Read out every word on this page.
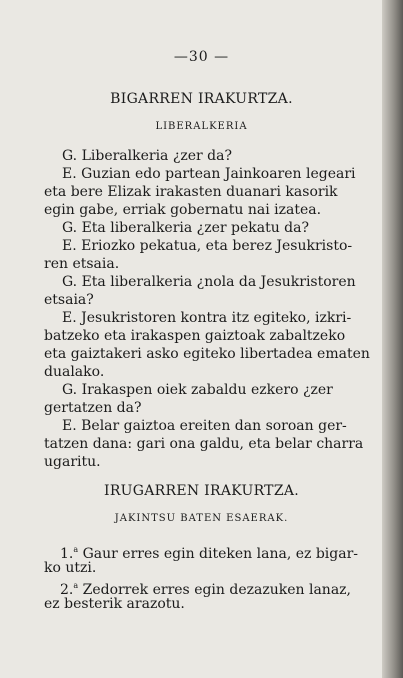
—30 —
BIGARREN IRAKURTZA.
LIBERALKERIA
G. Liberalkeria ¿zer da?
E. Guzian edo partean Jainkoaren legeari
eta bere Elizak irakasten duanari kasorik
egin gabe, erriak gobernatu nai izatea.
G. Eta liberalkeria ¿zer pekatu da?
E. Eriozko pekatua, eta berez Jesukristo-
ren etsaia.
G. Eta liberalkeria ¿nola da Jesukristoren
etsaia?
E. Jesukristoren kontra itz egiteko, izkri-
batzeko eta irakaspen gaiztoak zabaltzeko
eta gaiztakeri asko egiteko libertadea ematen
dualako.
G. Irakaspen oiek zabaldu ezkero ¿zer
gertatzen da?
E. Belar gaiztoa ereiten dan soroan ger-
tatzen dana: gari ona galdu, eta belar charra
ugaritu.
IRUGARREN IRAKURTZA.
JAKINTSU BATEN ESAERAK.
1.$^a$ Gaur erres egin diteken lana, ez bigar-
ko utzi.
2.$^a$ Zedorrek erres egin dezazuken lanaz,
ez besterik arazotu.
